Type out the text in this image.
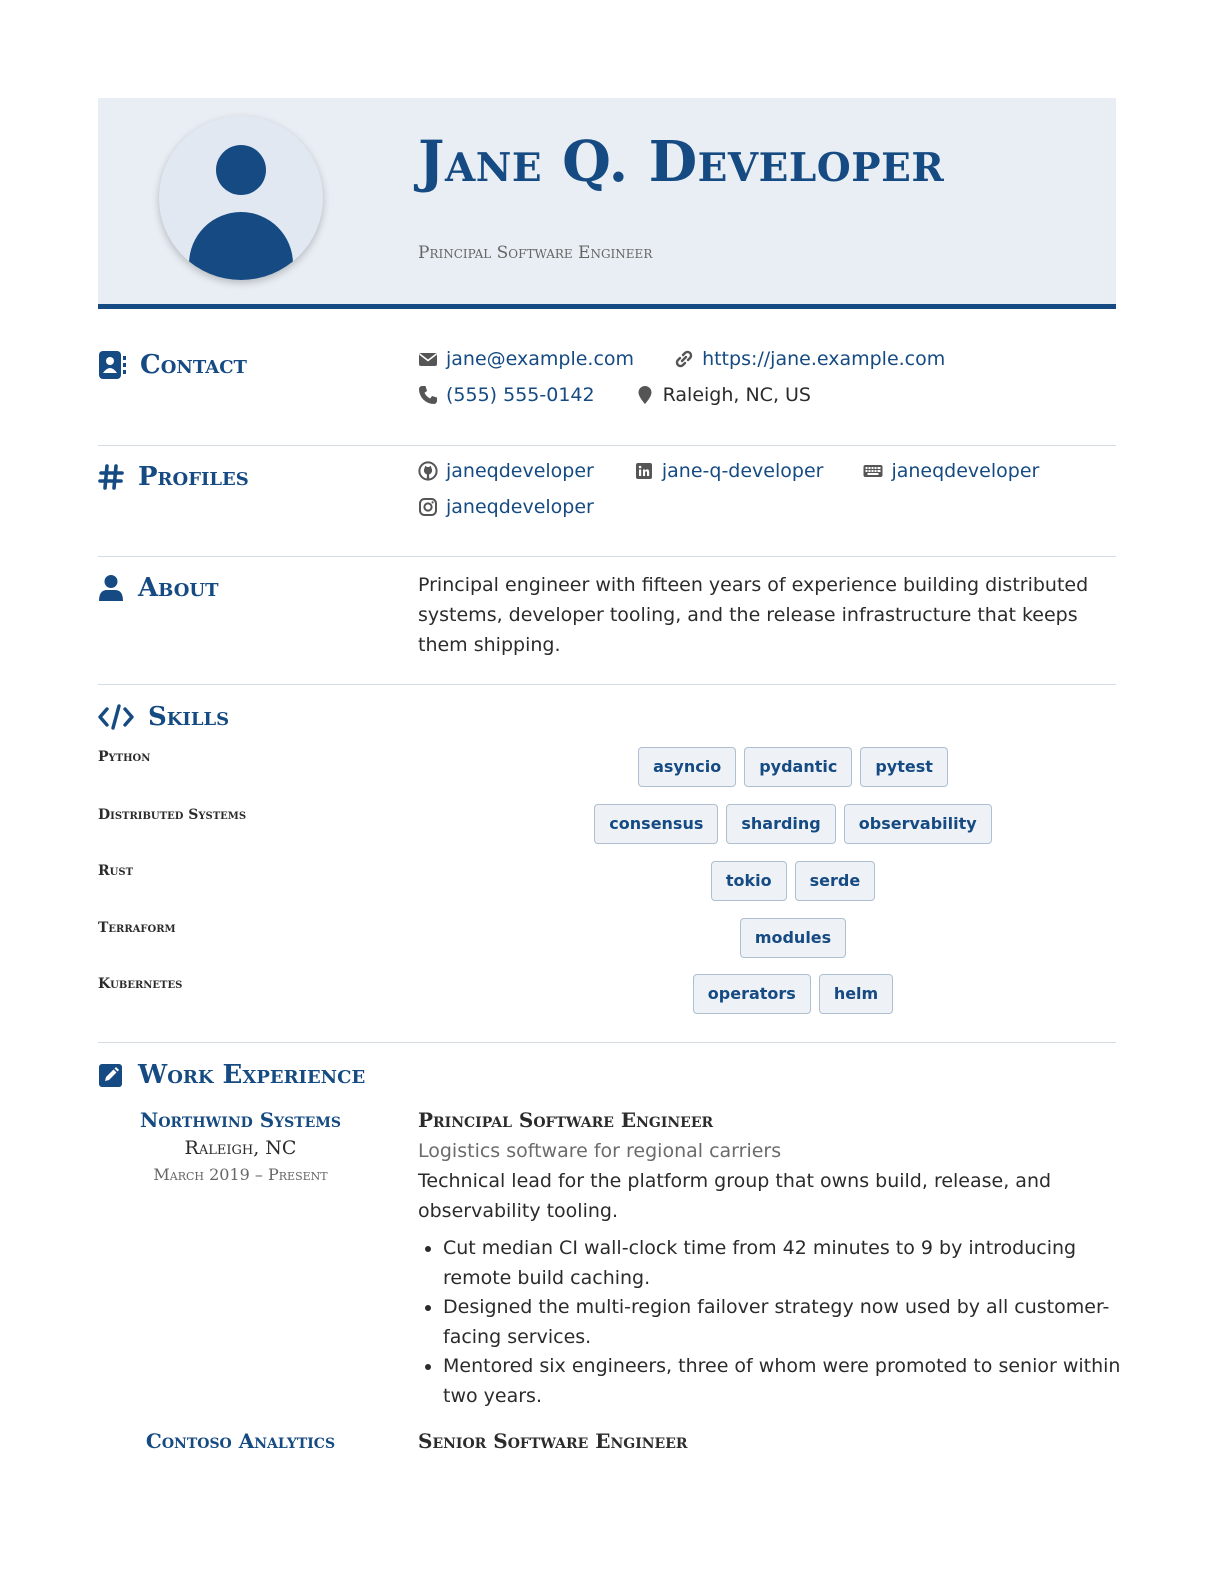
Jane Q. Developer
Principal Software Engineer
Contact	jane@example.com	https://jane.example.com
(555) 555-0142	Raleigh, NC, US
Profiles	janeqdeveloper	jane-q-developer	janeqdeveloper
janeqdeveloper
About	Principal engineer with fifteen years of experience building distributed systems, developer tooling, and the release infrastructure that keeps them shipping.

Skills
Python	asyncio	pydantic	pytest
Distributed Systems	consensus	sharding	observability
Rust	tokio	serde
Terraform	modules
Kubernetes	operators	helm
Work Experience
Northwind Systems
Raleigh, NC
March 2019 – Present
Principal Software Engineer
Logistics software for regional carriers

Technical lead for the platform group that owns build, release, and observability tooling.

• Cut median CI wall-clock time from 42 minutes to 9 by introducing remote build caching.
• Designed the multi-region failover strategy now used by all customer-facing services.
• Mentored six engineers, three of whom were promoted to senior within two years.
Contoso Analytics	Senior Software Engineer
